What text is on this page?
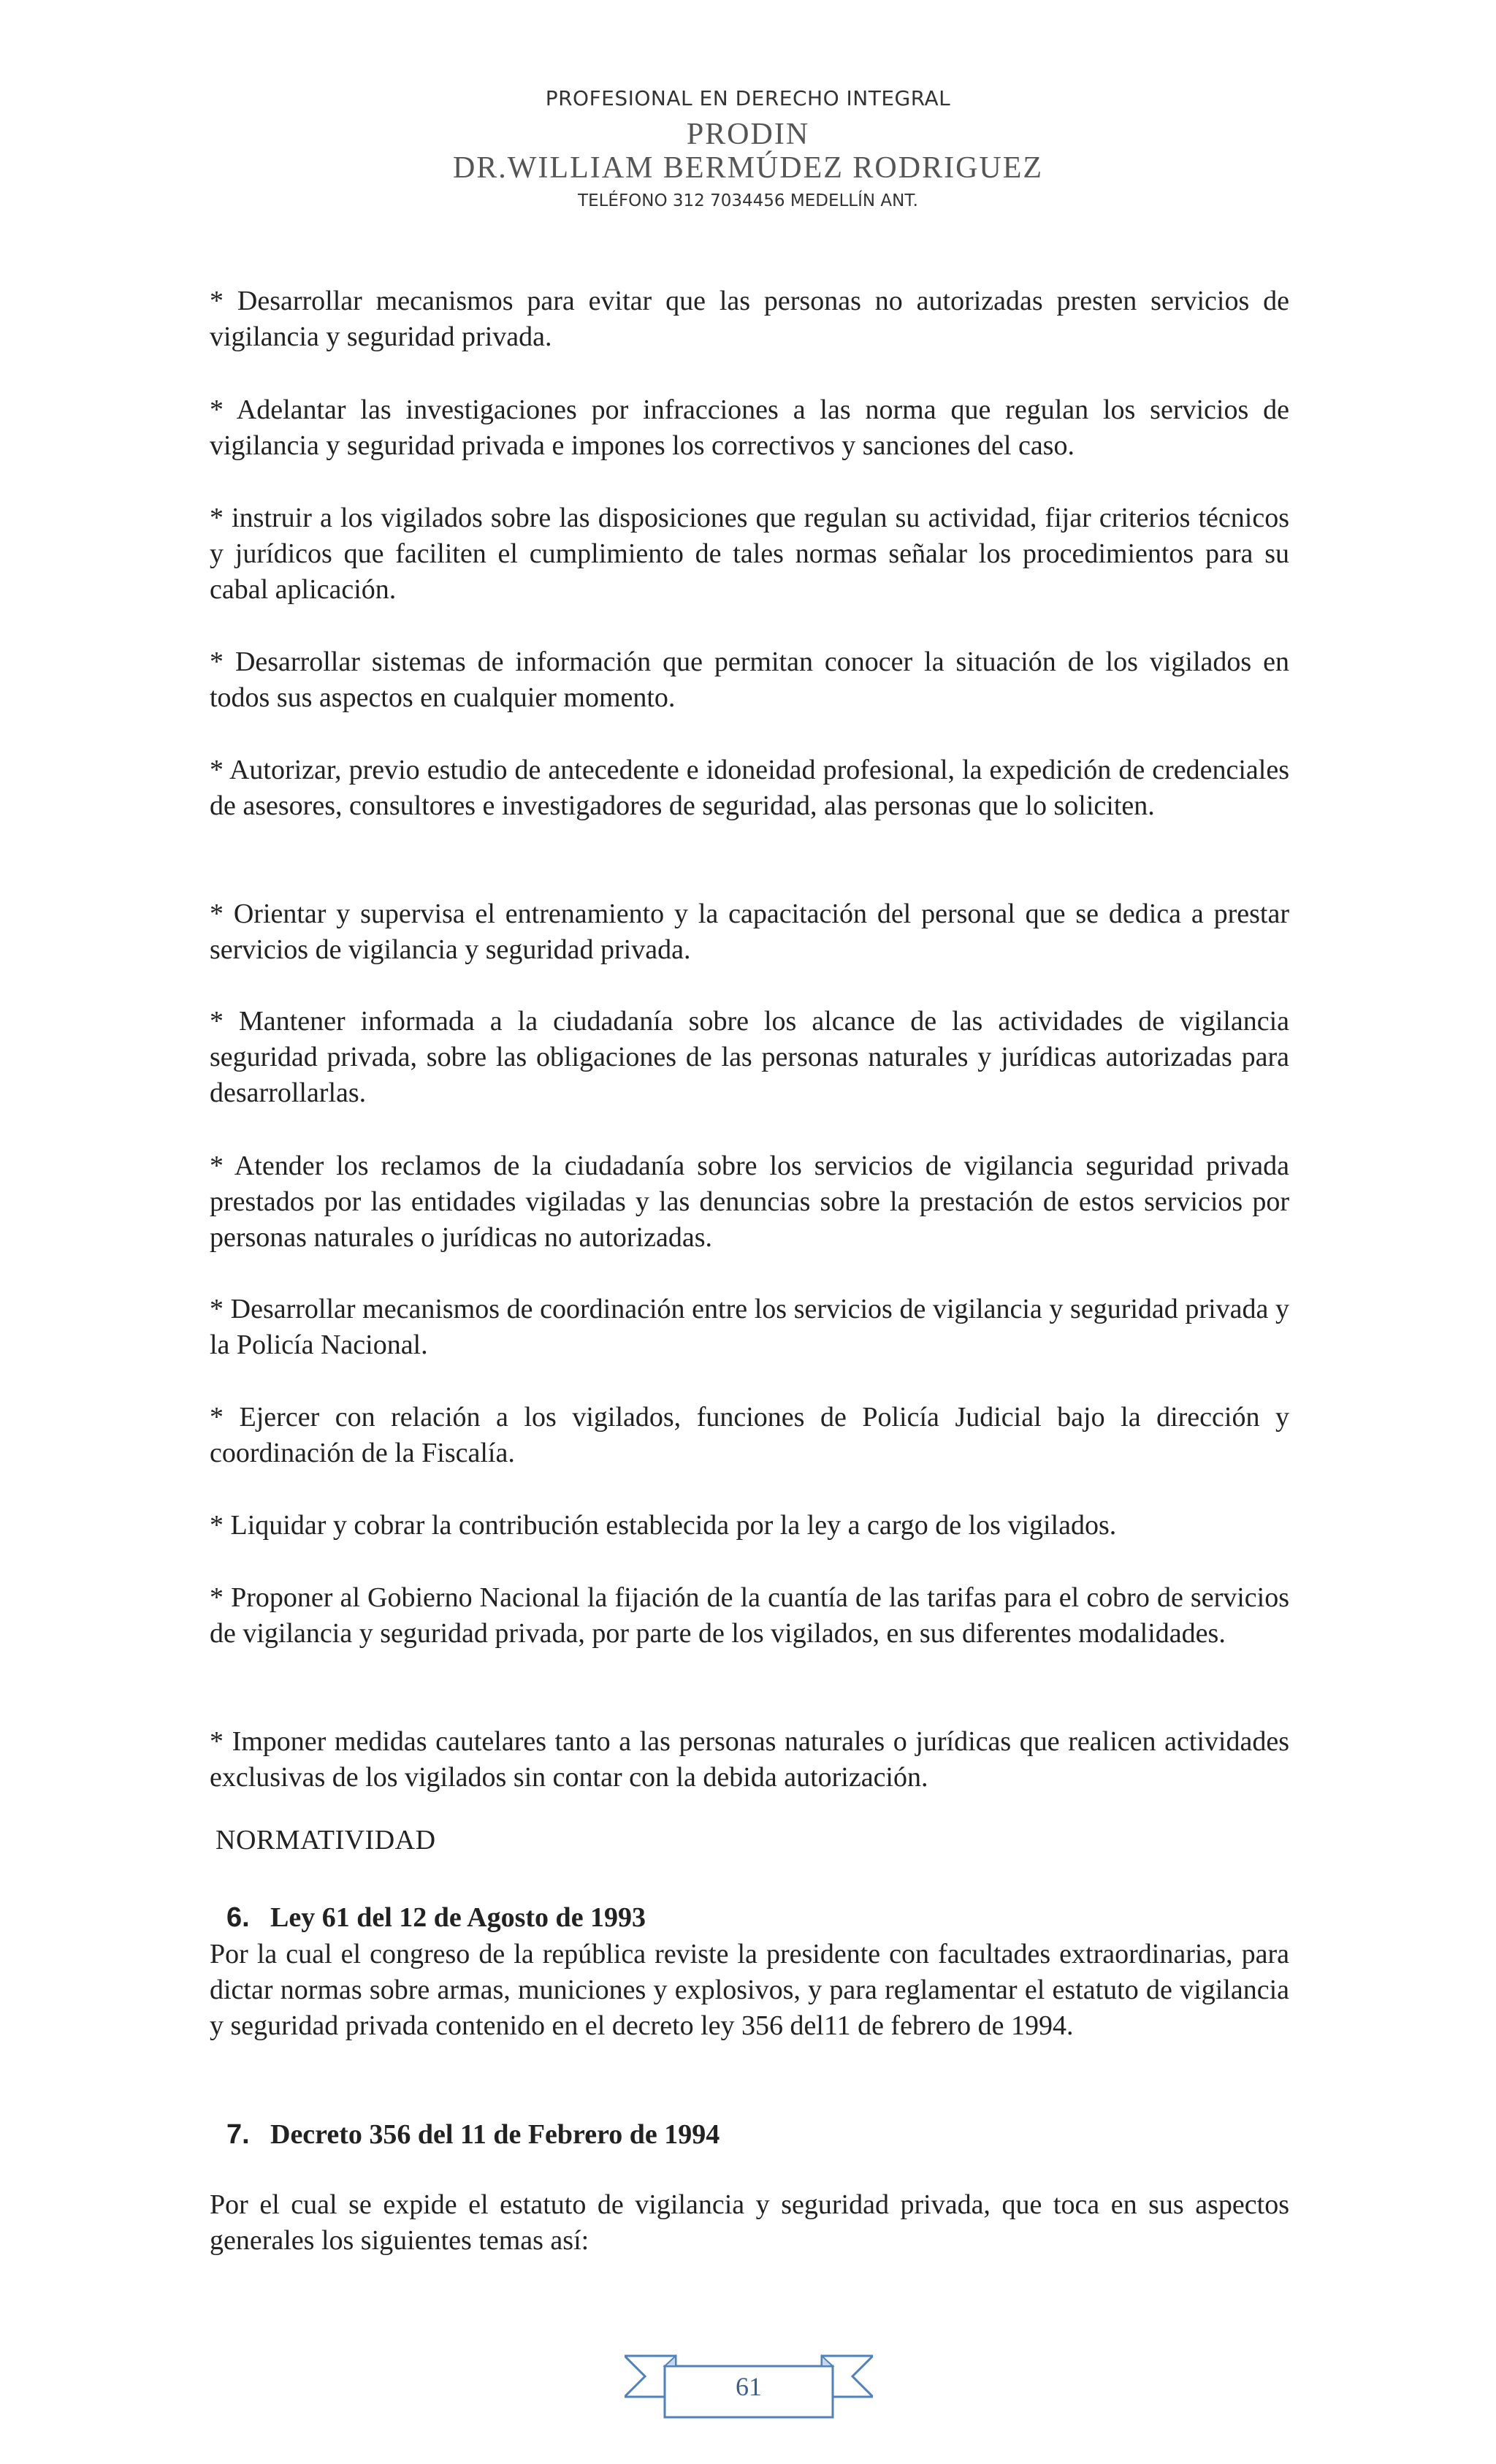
PROFESIONAL EN DERECHO INTEGRAL
PRODIN
DR.WILLIAM BERMÚDEZ RODRIGUEZ
TELÉFONO 312 7034456 MEDELLÍN ANT.

* Desarrollar mecanismos para evitar que las personas no autorizadas presten servicios de vigilancia y seguridad privada.

* Adelantar las investigaciones por infracciones a las norma que regulan los servicios de vigilancia y seguridad privada e impones los correctivos y sanciones del caso.

* instruir a los vigilados sobre las disposiciones que regulan su actividad, fijar criterios técnicos y jurídicos que faciliten el cumplimiento de tales normas señalar los procedimientos para su cabal aplicación.

* Desarrollar sistemas de información que permitan conocer la situación de los vigilados en todos sus aspectos en cualquier momento.

* Autorizar, previo estudio de antecedente e idoneidad profesional, la expedición de credenciales de asesores, consultores e investigadores de seguridad, alas personas que lo soliciten.

* Orientar y supervisa el entrenamiento y la capacitación del personal que se dedica a prestar servicios de vigilancia y seguridad privada.

* Mantener informada a la ciudadanía sobre los alcance de las actividades de vigilancia seguridad privada, sobre las obligaciones de las personas naturales y jurídicas autorizadas para desarrollarlas.

* Atender los reclamos de la ciudadanía sobre los servicios de vigilancia seguridad privada prestados por las entidades vigiladas y las denuncias sobre la prestación de estos servicios por personas naturales o jurídicas no autorizadas.

* Desarrollar mecanismos de coordinación entre los servicios de vigilancia y seguridad privada y la Policía Nacional.

* Ejercer con relación a los vigilados, funciones de Policía Judicial bajo la dirección y coordinación de la Fiscalía.

* Liquidar y cobrar la contribución establecida por la ley a cargo de los vigilados.

* Proponer al Gobierno Nacional la fijación de la cuantía de las tarifas para el cobro de servicios de vigilancia y seguridad privada, por parte de los vigilados, en sus diferentes modalidades.

* Imponer medidas cautelares tanto a las personas naturales o jurídicas que realicen actividades exclusivas de los vigilados sin contar con la debida autorización.

NORMATIVIDAD
6. Ley 61 del 12 de Agosto de 1993

Por la cual el congreso de la república reviste la presidente con facultades extraordinarias, para dictar normas sobre armas, municiones y explosivos, y para reglamentar el estatuto de vigilancia y seguridad privada contenido en el decreto ley 356 del11 de febrero de 1994.

7. Decreto 356 del 11 de Febrero de 1994

Por el cual se expide el estatuto de vigilancia y seguridad privada, que toca en sus aspectos generales los siguientes temas así:

61
